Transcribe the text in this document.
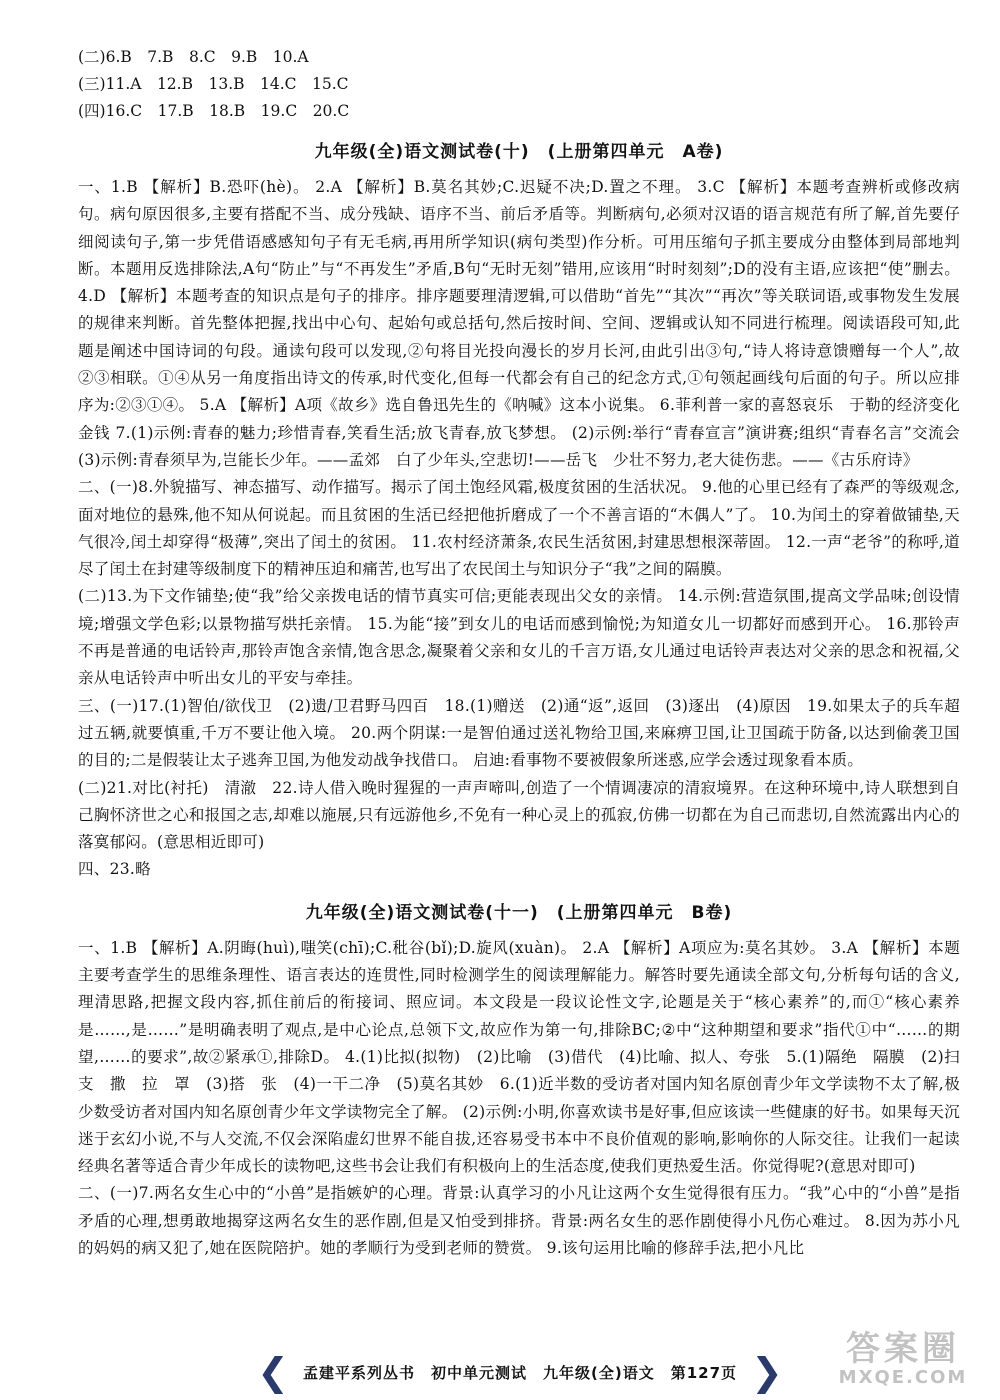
(二)6.B　7.B　8.C　9.B　10.A
(三)11.A　12.B　13.B　14.C　15.C
(四)16.C　17.B　18.B　19.C　20.C
九年级(全)语文测试卷(十)　(上册第四单元　A卷)

一、1.B 【解析】B.恐吓(hè)。 2.A 【解析】B.莫名其妙;C.迟疑不决;D.置之不理。 3.C 【解析】本题考查辨析或修改病句。病句原因很多,主要有搭配不当、成分残缺、语序不当、前后矛盾等。判断病句,必须对汉语的语言规范有所了解,首先要仔细阅读句子,第一步凭借语感感知句子有无毛病,再用所学知识(病句类型)作分析。可用压缩句子抓主要成分由整体到局部地判断。本题用反选排除法,A句“防止”与“不再发生”矛盾,B句“无时无刻”错用,应该用“时时刻刻”;D的没有主语,应该把“使”删去。 4.D 【解析】本题考查的知识点是句子的排序。排序题要理清逻辑,可以借助“首先”“其次”“再次”等关联词语,或事物发生发展的规律来判断。首先整体把握,找出中心句、起始句或总括句,然后按时间、空间、逻辑或认知不同进行梳理。阅读语段可知,此题是阐述中国诗词的句段。通读句段可以发现,②句将目光投向漫长的岁月长河,由此引出③句,“诗人将诗意馈赠每一个人”,故②③相联。①④从另一角度指出诗文的传承,时代变化,但每一代都会有自己的纪念方式,①句领起画线句后面的句子。所以应排序为:②③①④。 5.A 【解析】A项《故乡》选自鲁迅先生的《呐喊》这本小说集。 6.菲利普一家的喜怒哀乐　于勒的经济变化　金钱 7.(1)示例:青春的魅力;珍惜青春,笑看生活;放飞青春,放飞梦想。 (2)示例:举行“青春宣言”演讲赛;组织“青春名言”交流会 (3)示例:青春须早为,岂能长少年。——孟郊　白了少年头,空悲切!——岳飞　少壮不努力,老大徒伤悲。——《古乐府诗》

二、(一)8.外貌描写、神态描写、动作描写。揭示了闰土饱经风霜,极度贫困的生活状况。 9.他的心里已经有了森严的等级观念,面对地位的悬殊,他不知从何说起。而且贫困的生活已经把他折磨成了一个不善言语的“木偶人”了。 10.为闰土的穿着做铺垫,天气很冷,闰土却穿得“极薄”,突出了闰土的贫困。 11.农村经济萧条,农民生活贫困,封建思想根深蒂固。 12.一声“老爷”的称呼,道尽了闰土在封建等级制度下的精神压迫和痛苦,也写出了农民闰土与知识分子“我”之间的隔膜。

(二)13.为下文作铺垫;使“我”给父亲拨电话的情节真实可信;更能表现出父女的亲情。 14.示例:营造氛围,提高文学品味;创设情境;增强文学色彩;以景物描写烘托亲情。 15.为能“接”到女儿的电话而感到愉悦;为知道女儿一切都好而感到开心。 16.那铃声不再是普通的电话铃声,那铃声饱含亲情,饱含思念,凝聚着父亲和女儿的千言万语,女儿通过电话铃声表达对父亲的思念和祝福,父亲从电话铃声中听出女儿的平安与牵挂。

三、(一)17.(1)智伯/欲伐卫　(2)遗/卫君野马四百　18.(1)赠送　(2)通“返”,返回　(3)逐出　(4)原因　19.如果太子的兵车超过五辆,就要慎重,千万不要让他入境。 20.两个阴谋:一是智伯通过送礼物给卫国,来麻痹卫国,让卫国疏于防备,以达到偷袭卫国的目的;二是假装让太子逃奔卫国,为他发动战争找借口。 启迪:看事物不要被假象所迷惑,应学会透过现象看本质。

(二)21.对比(衬托)　清澈　22.诗人借入晚时猩猩的一声声啼叫,创造了一个情调凄凉的清寂境界。在这种环境中,诗人联想到自己胸怀济世之心和报国之志,却难以施展,只有远游他乡,不免有一种心灵上的孤寂,仿佛一切都在为自己而悲切,自然流露出内心的落寞郁闷。(意思相近即可)

四、23.略

九年级(全)语文测试卷(十一)　(上册第四单元　B卷)

一、1.B 【解析】A.阴晦(huì),嗤笑(chī);C.秕谷(bǐ);D.旋风(xuàn)。 2.A 【解析】A项应为:莫名其妙。 3.A 【解析】本题主要考查学生的思维条理性、语言表达的连贯性,同时检测学生的阅读理解能力。解答时要先通读全部文句,分析每句话的含义,理清思路,把握文段内容,抓住前后的衔接词、照应词。本文段是一段议论性文字,论题是关于“核心素养”的,而①“核心素养是……,是……”是明确表明了观点,是中心论点,总领下文,故应作为第一句,排除BC;②中“这种期望和要求”指代①中“……的期望,……的要求”,故②紧承①,排除D。 4.(1)比拟(拟物)　(2)比喻　(3)借代　(4)比喻、拟人、夸张　5.(1)隔绝　隔膜　(2)扫　支　撒　拉　罩　(3)搭　张　(4)一干二净　(5)莫名其妙　6.(1)近半数的受访者对国内知名原创青少年文学读物不太了解,极少数受访者对国内知名原创青少年文学读物完全了解。 (2)示例:小明,你喜欢读书是好事,但应该读一些健康的好书。如果每天沉迷于玄幻小说,不与人交流,不仅会深陷虚幻世界不能自拔,还容易受书本中不良价值观的影响,影响你的人际交往。让我们一起读经典名著等适合青少年成长的读物吧,这些书会让我们有积极向上的生活态度,使我们更热爱生活。你觉得呢?(意思对即可)

二、(一)7.两名女生心中的“小兽”是指嫉妒的心理。背景:认真学习的小凡让这两个女生觉得很有压力。“我”心中的“小兽”是指矛盾的心理,想勇敢地揭穿这两名女生的恶作剧,但是又怕受到排挤。背景:两名女生的恶作剧使得小凡伤心难过。 8.因为苏小凡的妈妈的病又犯了,她在医院陪护。她的孝顺行为受到老师的赞赏。 9.该句运用比喻的修辞手法,把小凡比

❮ 孟建平系列丛书　初中单元测试　九年级(全)语文　第127页 ❯
答案圈
MXQE.COM
